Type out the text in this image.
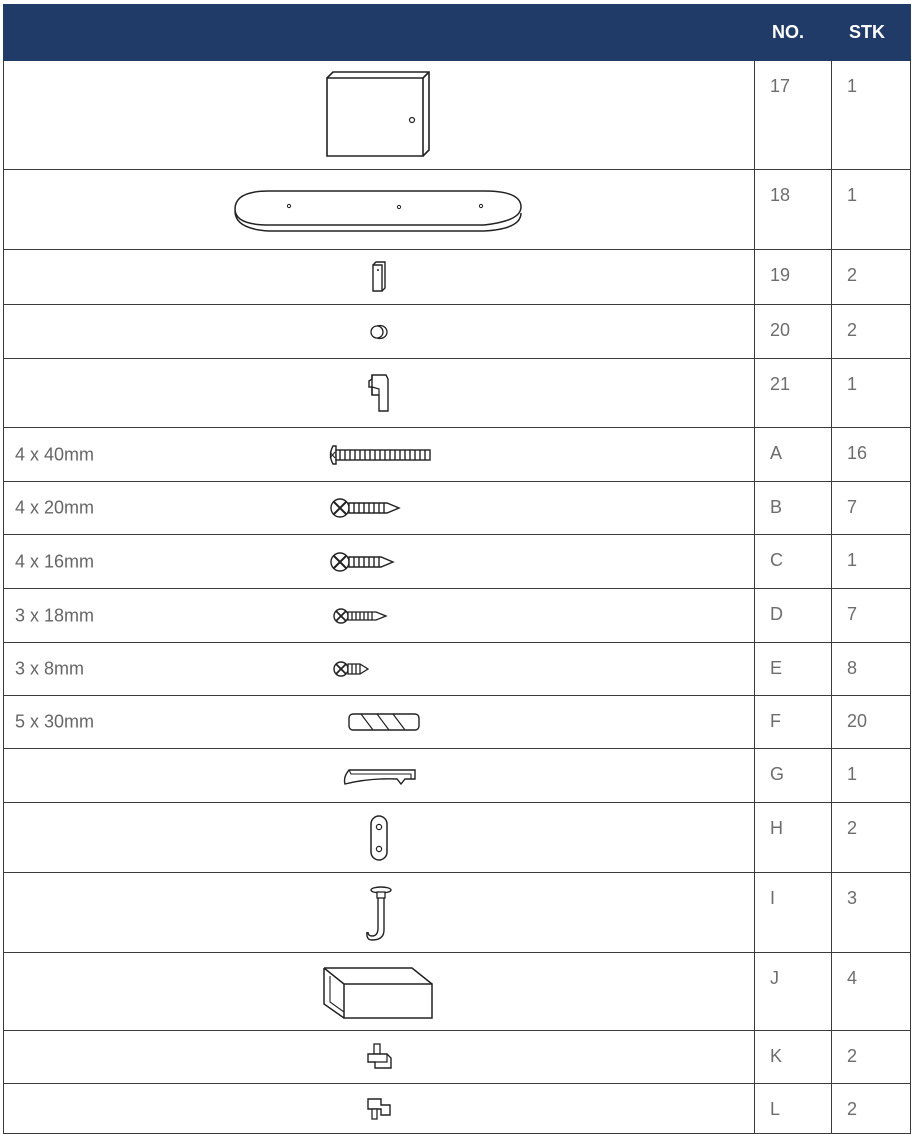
	NO.	STK

	17	1

	18	1

	19	2

	20	2

	21	1

4 x 40mm	A	16

4 x 20mm	B	7

4 x 16mm	C	1

3 x 18mm	D	7

3 x 8mm	E	8

5 x 30mm	F	20

	G	1

	H	2

	I	3

	J	4

	K	2

	L	2
